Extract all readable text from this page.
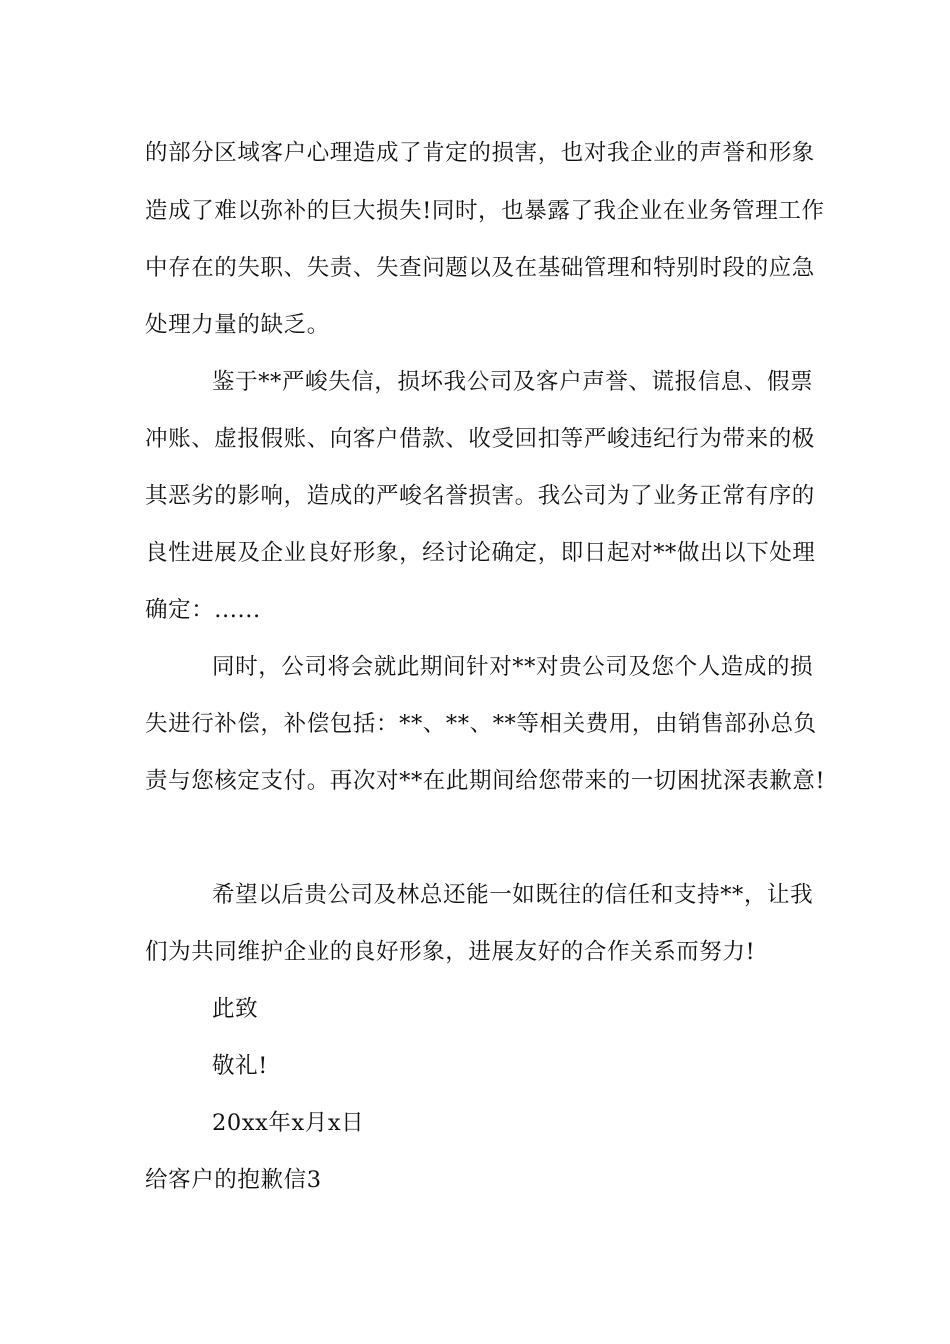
的部分区域客户心理造成了肯定的损害，也对我企业的声誉和形象
造成了难以弥补的巨大损失!同时，也暴露了我企业在业务管理工作
中存在的失职、失责、失查问题以及在基础管理和特别时段的应急
处理力量的缺乏。
鉴于**严峻失信，损坏我公司及客户声誉、谎报信息、假票
冲账、虚报假账、向客户借款、收受回扣等严峻违纪行为带来的极
其恶劣的影响，造成的严峻名誉损害。我公司为了业务正常有序的
良性进展及企业良好形象，经讨论确定，即日起对**做出以下处理
确定：......
同时，公司将会就此期间针对**对贵公司及您个人造成的损
失进行补偿，补偿包括：**、**、**等相关费用，由销售部孙总负
责与您核定支付。再次对**在此期间给您带来的一切困扰深表歉意!
希望以后贵公司及林总还能一如既往的信任和支持**，让我
们为共同维护企业的良好形象，进展友好的合作关系而努力!
此致
敬礼!
20xx年x月x日
给客户的抱歉信3
